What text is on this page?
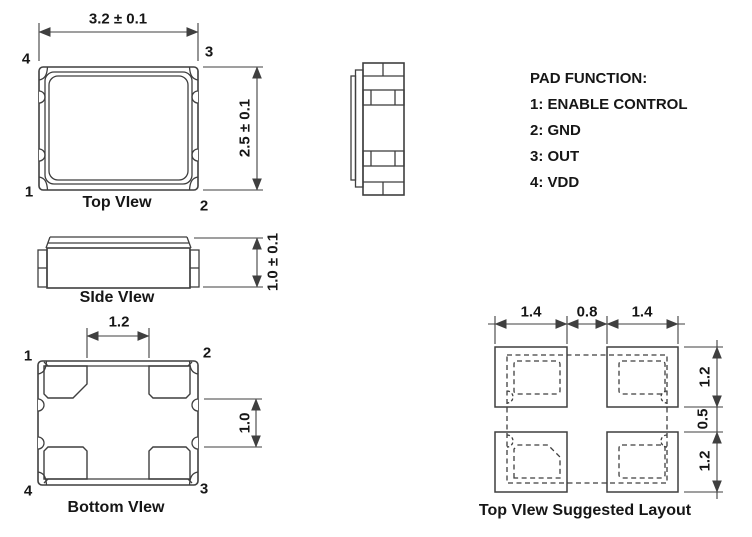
3.2 ± 0.1
2.5 ± 0.1
4	3
1
2
Top VIew
1.0 ± 0.1
SIde VIew
PAD FUNCTION:
1: ENABLE CONTROL
2: GND
3: OUT
4: VDD
1.2
1.0
1	2
4	3
Bottom VIew
1.4 0.8 1.4
1.2
0.5
1.2
Top VIew Suggested Layout
